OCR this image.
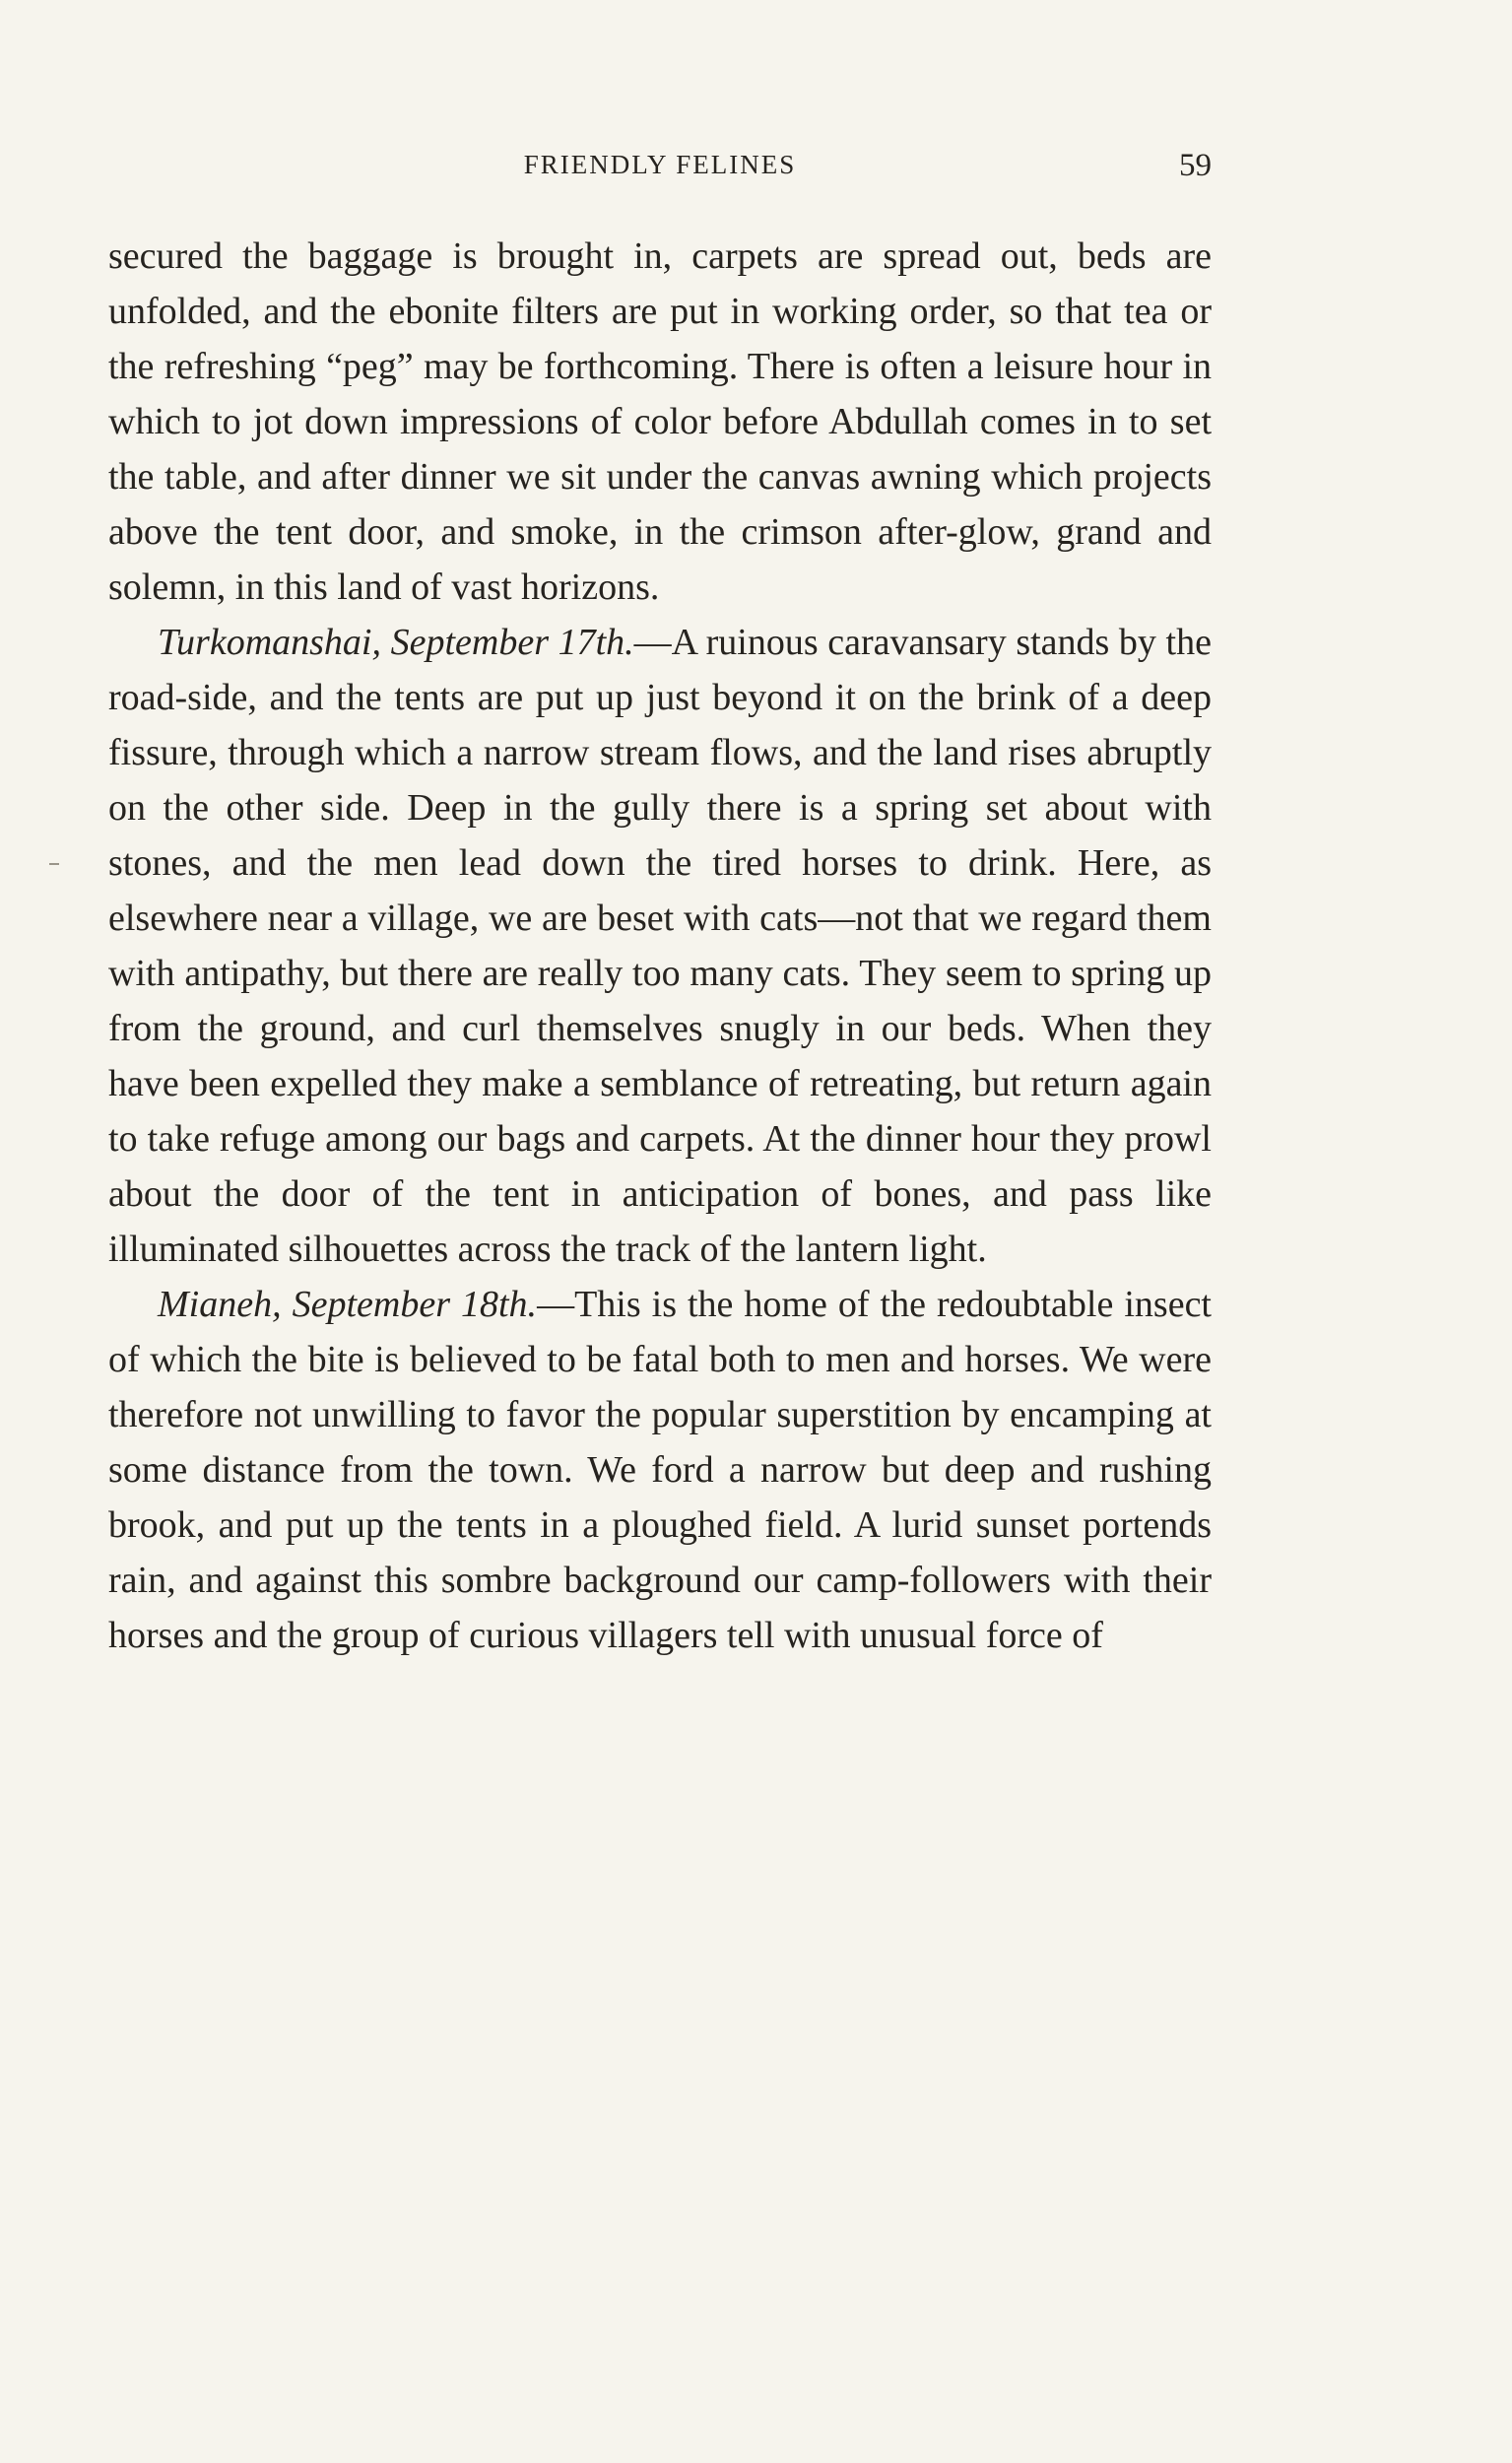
FRIENDLY FELINES	59

secured the baggage is brought in, carpets are spread out, beds are unfolded, and the ebonite filters are put in working order, so that tea or the refreshing “peg” may be forthcoming. There is often a leisure hour in which to jot down impressions of color before Abdullah comes in to set the table, and after dinner we sit under the canvas awning which projects above the tent door, and smoke, in the crimson after-glow, grand and solemn, in this land of vast horizons.

Turkomanshai, September 17th.—A ruinous caravansary stands by the road-side, and the tents are put up just beyond it on the brink of a deep fissure, through which a narrow stream flows, and the land rises abruptly on the other side. Deep in the gully there is a spring set about with stones, and the men lead down the tired horses to drink. Here, as elsewhere near a village, we are beset with cats—not that we regard them with antipathy, but there are really too many cats. They seem to spring up from the ground, and curl themselves snugly in our beds. When they have been expelled they make a semblance of retreating, but return again to take refuge among our bags and carpets. At the dinner hour they prowl about the door of the tent in anticipation of bones, and pass like illuminated silhouettes across the track of the lantern light.

Mianeh, September 18th.—This is the home of the redoubtable insect of which the bite is believed to be fatal both to men and horses. We were therefore not unwilling to favor the popular superstition by encamping at some distance from the town. We ford a narrow but deep and rushing brook, and put up the tents in a ploughed field. A lurid sunset portends rain, and against this sombre background our camp-followers with their horses and the group of curious villagers tell with unusual force of
